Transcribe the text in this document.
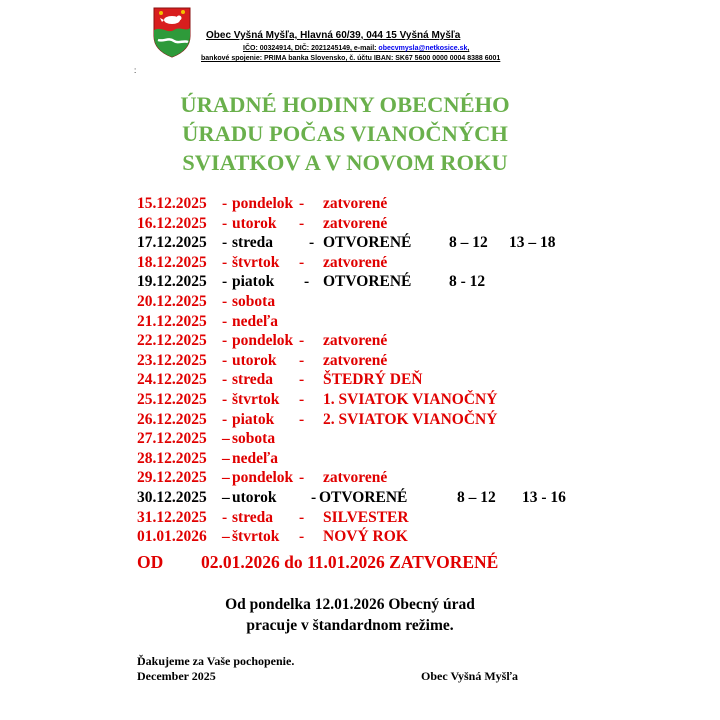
Obec Vyšná Myšľa, Hlavná 60/39, 044 15 Vyšná Myšľa
IČO: 00324914, DIČ: 2021245149, e-mail: obecvmysla@netkosice.sk,
bankové spojenie: PRIMA banka Slovensko, č. účtu IBAN: SK67 5600 0000 0004 8388 6001
:
ÚRADNÉ HODINY OBECNÉHO
ÚRADU POČAS VIANOČNÝCH
SVIATKOV A V NOVOM ROKU
15.12.2025 - pondelok - zatvorené
16.12.2025 - utorok - zatvorené
17.12.2025 - streda - OTVORENÉ 8 – 12 13 – 18
18.12.2025 - štvrtok - zatvorené
19.12.2025 - piatok - OTVORENÉ 8 - 12
20.12.2025 - sobota
21.12.2025 - nedeľa
22.12.2025 - pondelok - zatvorené
23.12.2025 - utorok - zatvorené
24.12.2025 - streda - ŠTEDRÝ DEŇ
25.12.2025 - štvrtok - 1. SVIATOK VIANOČNÝ
26.12.2025 - piatok - 2. SVIATOK VIANOČNÝ
27.12.2025 – sobota
28.12.2025 – nedeľa
29.12.2025 – pondelok - zatvorené
30.12.2025 – utorok - OTVORENÉ	8 – 12 13 - 16
31.12.2025 - streda - SILVESTER
01.01.2026 – štvrtok - NOVÝ ROK
OD 02.01.2026 do 11.01.2026 ZATVORENÉ
Od pondelka 12.01.2026 Obecný úrad
pracuje v štandardnom režime.
Ďakujeme za Vaše pochopenie.
December 2025	Obec Vyšná Myšľa
